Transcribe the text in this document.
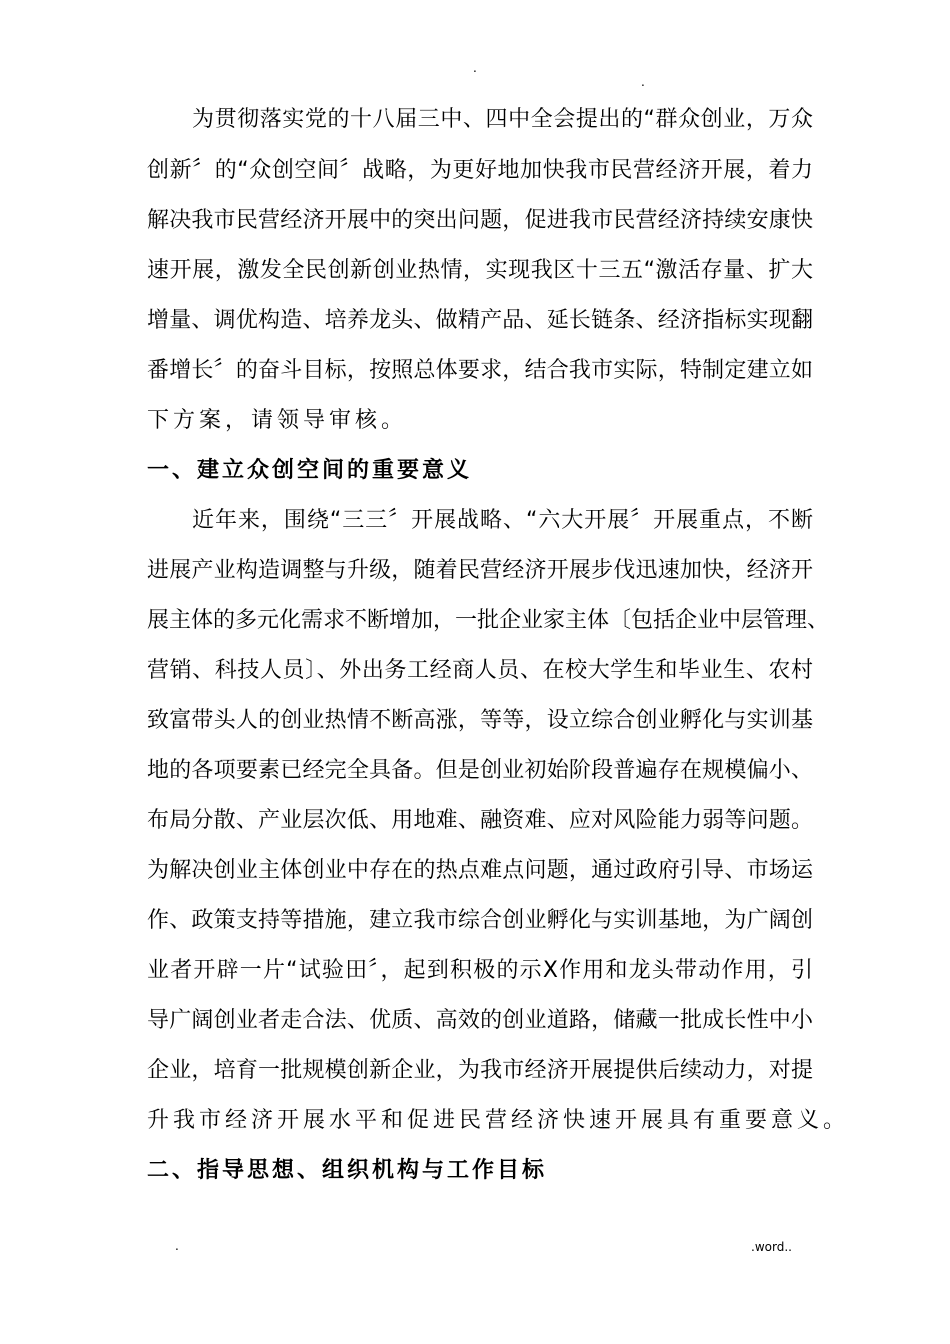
.
.
为贯彻落实党的十八届三中、四中全会提出的“群众创业，万众
创新〞的“众创空间〞战略，为更好地加快我市民营经济开展，着力
解决我市民营经济开展中的突出问题，促进我市民营经济持续安康快
速开展，激发全民创新创业热情，实现我区十三五“激活存量、扩大
增量、调优构造、培养龙头、做精产品、延长链条、经济指标实现翻
番增长〞的奋斗目标，按照总体要求，结合我市实际，特制定建立如
下方案，请领导审核。
一、建立众创空间的重要意义
近年来，围绕“三三〞开展战略、“六大开展〞开展重点，不断
进展产业构造调整与升级，随着民营经济开展步伐迅速加快，经济开
展主体的多元化需求不断增加，一批企业家主体〔包括企业中层管理、
营销、科技人员〕、外出务工经商人员、在校大学生和毕业生、农村
致富带头人的创业热情不断高涨，等等，设立综合创业孵化与实训基
地的各项要素已经完全具备。但是创业初始阶段普遍存在规模偏小、
布局分散、产业层次低、用地难、融资难、应对风险能力弱等问题。
为解决创业主体创业中存在的热点难点问题，通过政府引导、市场运
作、政策支持等措施，建立我市综合创业孵化与实训基地，为广阔创
业者开辟一片“试验田〞，起到积极的示X作用和龙头带动作用，引
导广阔创业者走合法、优质、高效的创业道路，储藏一批成长性中小
企业，培育一批规模创新企业，为我市经济开展提供后续动力，对提
升我市经济开展水平和促进民营经济快速开展具有重要意义。
二、指导思想、组织机构与工作目标
.	.word..
